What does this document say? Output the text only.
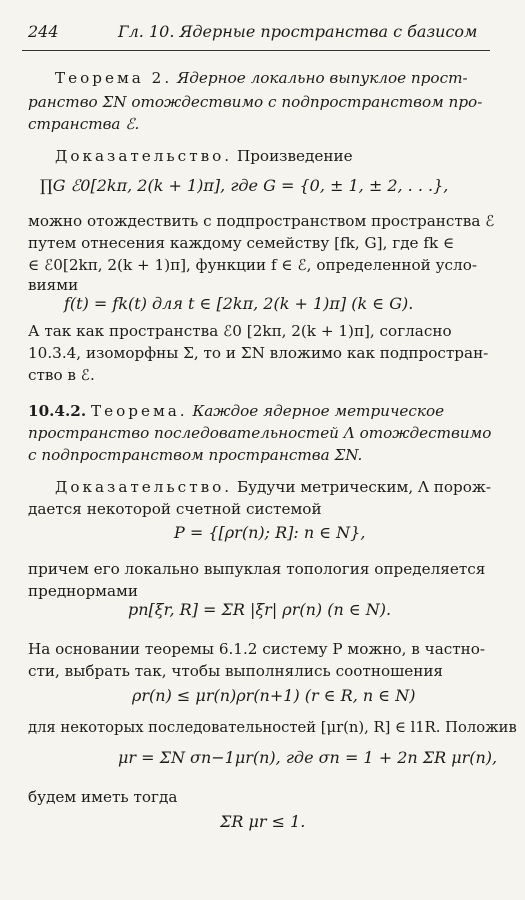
244	Гл. 10. Ядерные пространства с базисом
Теорема 2. Ядерное локально выпуклое прост-
ранство ΣN отождествимо с подпространством про-
странства ℰ.
Доказательство. Произведение
∏G ℰ0[2kπ, 2(k + 1)π], где G = {0, ± 1, ± 2, . . .},
можно отождествить с подпространством пространства ℰ
путем отнесения каждому семейству [fk, G], где fk ∈
∈ ℰ0[2kπ, 2(k + 1)π], функции f ∈ ℰ, определенной усло-
виями
f(t) = fk(t) для t ∈ [2kπ, 2(k + 1)π] (k ∈ G).
А так как пространства ℰ0 [2kπ, 2(k + 1)π], согласно
10.3.4, изоморфны Σ, то и ΣN вложимо как подпростран-
ство в ℰ.
10.4.2. Теорема. Каждое ядерное метрическое
пространство последовательностей Λ отождествимо
с подпространством пространства ΣN.
Доказательство. Будучи метрическим, Λ порож-
дается некоторой счетной системой
P = {[ρr(n); R]: n ∈ N},
причем его локально выпуклая топология определяется
преднормами
pn[ξr, R] = ΣR |ξr| ρr(n) (n ∈ N).
На основании теоремы 6.1.2 систему P можно, в частно-
сти, выбрать так, чтобы выполнялись соотношения
ρr(n) ≤ μr(n)ρr(n+1) (r ∈ R, n ∈ N)
для некоторых последовательностей [μr(n), R] ∈ l1R. Положив
μr = ΣN σn−1μr(n), где σn = 1 + 2n ΣR μr(n),
будем иметь тогда
ΣR μr ≤ 1.
